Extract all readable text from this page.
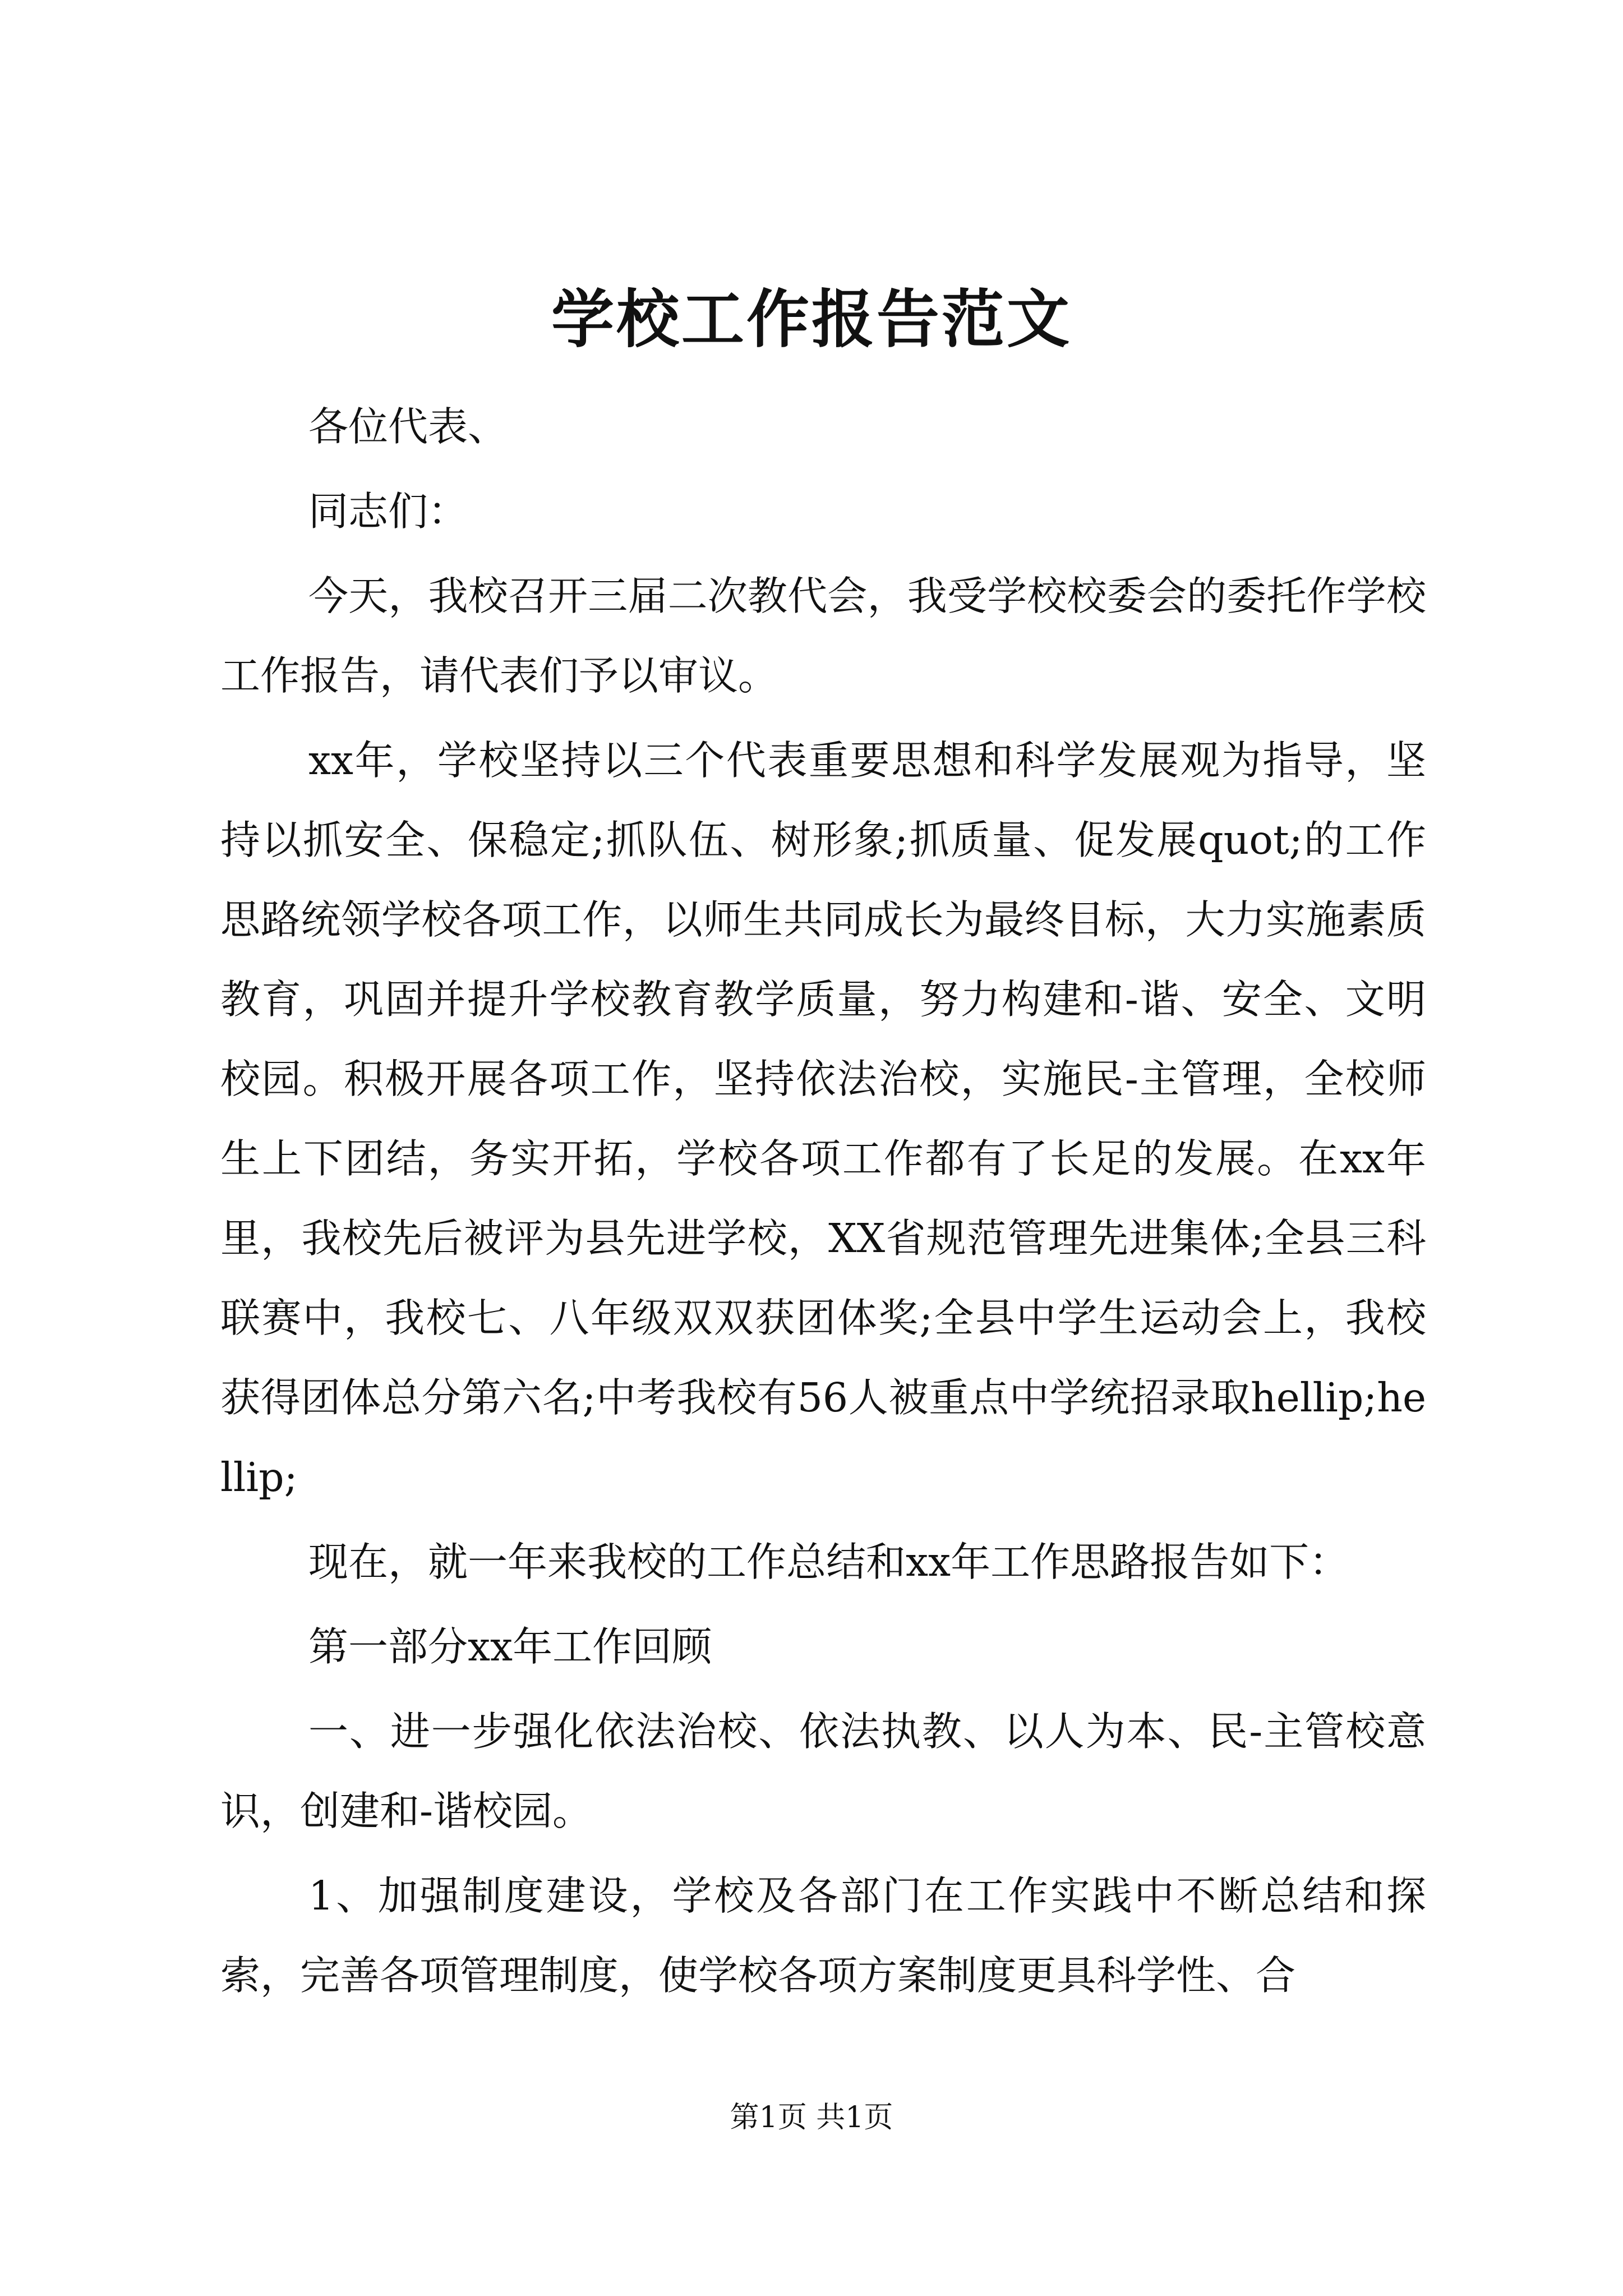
学校工作报告范文

各位代表、

同志们：

今天，我校召开三届二次教代会，我受学校校委会的委托作学校工作报告，请代表们予以审议。

xx年，学校坚持以三个代表重要思想和科学发展观为指导，坚持以抓安全、保稳定;抓队伍、树形象;抓质量、促发展quot;的工作思路统领学校各项工作，以师生共同成长为最终目标，大力实施素质教育，巩固并提升学校教育教学质量，努力构建和-谐、安全、文明校园。积极开展各项工作，坚持依法治校，实施民-主管理，全校师生上下团结，务实开拓，学校各项工作都有了长足的发展。在xx年里，我校先后被评为县先进学校，XX省规范管理先进集体;全县三科联赛中，我校七、八年级双双获团体奖;全县中学生运动会上，我校获得团体总分第六名;中考我校有56人被重点中学统招录取hellip;hellip;

现在，就一年来我校的工作总结和xx年工作思路报告如下：

第一部分xx年工作回顾

一、进一步强化依法治校、依法执教、以人为本、民-主管校意识，创建和-谐校园。

1、加强制度建设，学校及各部门在工作实践中不断总结和探索，完善各项管理制度，使学校各项方案制度更具科学性、合

第1页 共1页
